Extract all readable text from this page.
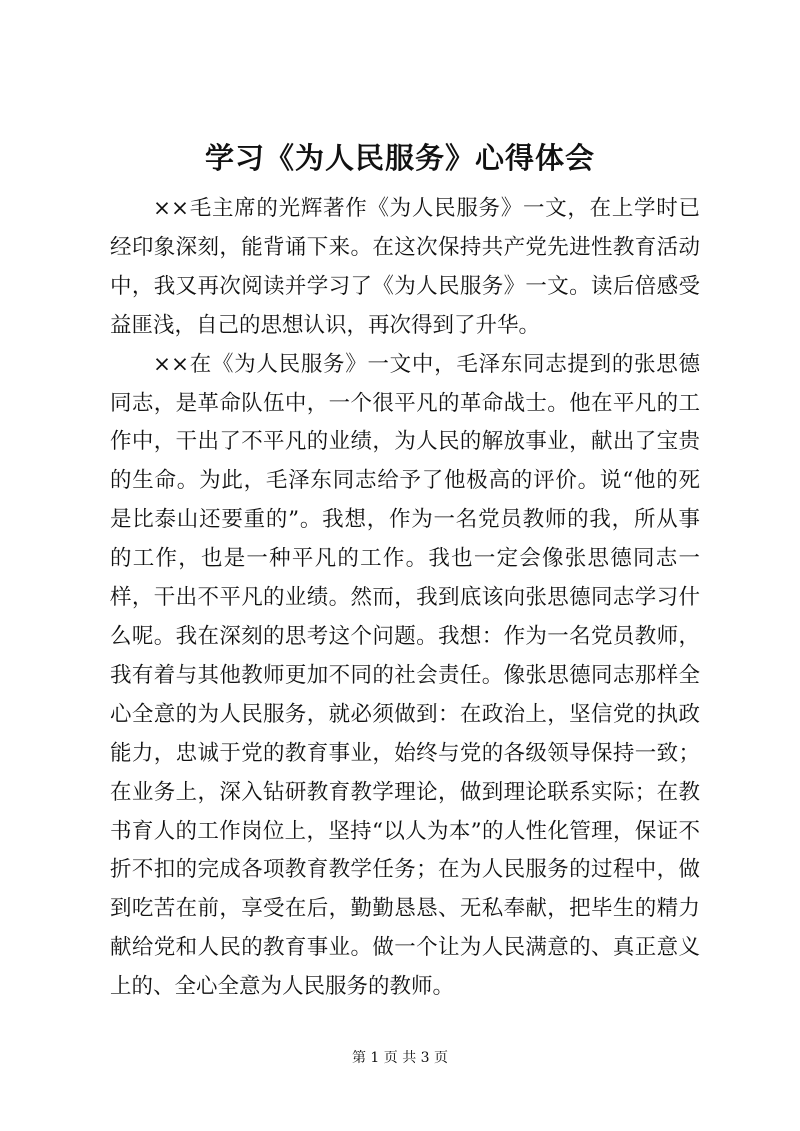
学习《为人民服务》心得体会

××毛主席的光辉著作《为人民服务》一文，在上学时已经印象深刻，能背诵下来。在这次保持共产党先进性教育活动中，我又再次阅读并学习了《为人民服务》一文。读后倍感受益匪浅，自己的思想认识，再次得到了升华。

××在《为人民服务》一文中，毛泽东同志提到的张思德同志，是革命队伍中，一个很平凡的革命战士。他在平凡的工作中，干出了不平凡的业绩，为人民的解放事业，献出了宝贵的生命。为此，毛泽东同志给予了他极高的评价。说“他的死是比泰山还要重的”。我想，作为一名党员教师的我，所从事的工作，也是一种平凡的工作。我也一定会像张思德同志一样，干出不平凡的业绩。然而，我到底该向张思德同志学习什么呢。我在深刻的思考这个问题。我想：作为一名党员教师，我有着与其他教师更加不同的社会责任。像张思德同志那样全心全意的为人民服务，就必须做到：在政治上，坚信党的执政能力，忠诚于党的教育事业，始终与党的各级领导保持一致；在业务上，深入钻研教育教学理论，做到理论联系实际；在教书育人的工作岗位上，坚持“以人为本”的人性化管理，保证不折不扣的完成各项教育教学任务；在为人民服务的过程中，做到吃苦在前，享受在后，勤勤恳恳、无私奉献，把毕生的精力献给党和人民的教育事业。做一个让为人民满意的、真正意义上的、全心全意为人民服务的教师。

第 1 页 共 3 页
